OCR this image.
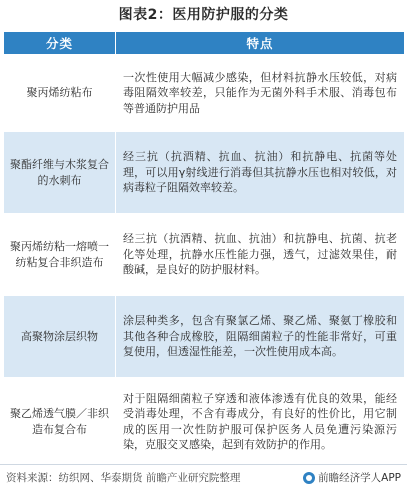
图表2：医用防护服的分类
分类	特点
聚丙烯纺粘布	一次性使用大幅减少感染，但材料抗静水压较低，对病毒阻隔效率较差，只能作为无菌外科手术服、消毒包布等普通防护用品
聚酯纤维与木浆复合的水刺布	经三抗（抗酒精、抗血、抗油）和抗静电、抗菌等处理，可以用γ射线进行消毒但其抗静水压也相对较低，对病毒粒子阻隔效率较差。
聚丙烯纺粘一熔喷一纺粘复合非织造布	经三抗（抗酒精、抗血、抗油）和抗静电、抗菌、抗老化等处理，抗静水压性能力强，透气，过滤效果佳，耐酸碱，是良好的防护服材料。
高聚物涂层织物	涂层种类多，包含有聚氯乙烯、聚乙烯、聚氨丁橡胶和其他各种合成橡胶，阻隔细菌粒子的性能非常好，可重复使用，但透湿性能差，一次性使用成本高。
聚乙烯透气膜／非织造布复合布	对于阻隔细菌粒子穿透和液体渗透有优良的效果，能经受消毒处理，不含有毒成分，有良好的性价比，用它制成的医用一次性防护服可保护医务人员免遭污染源污染，克服交叉感染，起到有效防护的作用。
资料来源：纺织网、华泰期货 前瞻产业研究院整理	前瞻经济学人APP
